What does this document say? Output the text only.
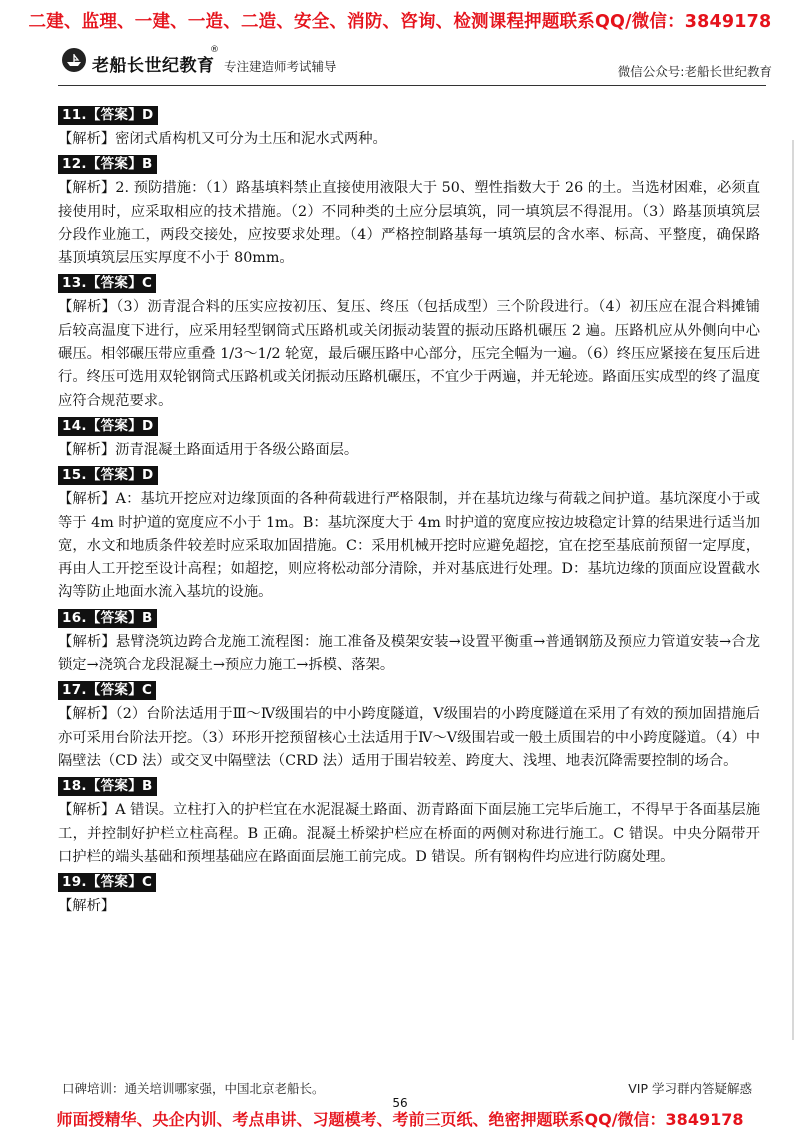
二建、监理、一建、一造、二造、安全、消防、咨询、检测课程押题联系QQ/微信：3849178
老船长世纪教育
®
专注建造师考试辅导	微信公众号:老船长世纪教育
11.【答案】D
【解析】密闭式盾构机又可分为土压和泥水式两种。
12.【答案】B
【解析】2. 预防措施：（1）路基填料禁止直接使用液限大于 50、塑性指数大于 26 的土。当选材困难，必须直接使用时，应采取相应的技术措施。（2）不同种类的土应分层填筑，同一填筑层不得混用。（3）路基顶填筑层分段作业施工，两段交接处，应按要求处理。（4）严格控制路基每一填筑层的含水率、标高、平整度，确保路基顶填筑层压实厚度不小于 80mm。
13.【答案】C
【解析】（3）沥青混合料的压实应按初压、复压、终压（包括成型）三个阶段进行。（4）初压应在混合料摊铺后较高温度下进行，应采用轻型钢筒式压路机或关闭振动装置的振动压路机碾压 2 遍。压路机应从外侧向中心碾压。相邻碾压带应重叠 1/3～1/2 轮宽，最后碾压路中心部分，压完全幅为一遍。（6）终压应紧接在复压后进行。终压可选用双轮钢筒式压路机或关闭振动压路机碾压，不宜少于两遍，并无轮迹。路面压实成型的终了温度应符合规范要求。
14.【答案】D
【解析】沥青混凝土路面适用于各级公路面层。
15.【答案】D
【解析】A：基坑开挖应对边缘顶面的各种荷载进行严格限制，并在基坑边缘与荷载之间护道。基坑深度小于或等于 4m 时护道的宽度应不小于 1m。B：基坑深度大于 4m 时护道的宽度应按边坡稳定计算的结果进行适当加宽，水文和地质条件较差时应采取加固措施。C：采用机械开挖时应避免超挖，宜在挖至基底前预留一定厚度，再由人工开挖至设计高程；如超挖，则应将松动部分清除，并对基底进行处理。D：基坑边缘的顶面应设置截水沟等防止地面水流入基坑的设施。
16.【答案】B
【解析】悬臂浇筑边跨合龙施工流程图：施工准备及模架安装→设置平衡重→普通钢筋及预应力管道安装→合龙锁定→浇筑合龙段混凝土→预应力施工→拆模、落架。
17.【答案】C
【解析】（2）台阶法适用于Ⅲ～Ⅳ级围岩的中小跨度隧道，Ⅴ级围岩的小跨度隧道在采用了有效的预加固措施后亦可采用台阶法开挖。（3）环形开挖预留核心土法适用于Ⅳ～Ⅴ级围岩或一般土质围岩的中小跨度隧道。（4）中隔壁法（CD 法）或交叉中隔壁法（CRD 法）适用于围岩较差、跨度大、浅埋、地表沉降需要控制的场合。
18.【答案】B
【解析】A 错误。立柱打入的护栏宜在水泥混凝土路面、沥青路面下面层施工完毕后施工，不得早于各面基层施工，并控制好护栏立柱高程。B 正确。混凝土桥梁护栏应在桥面的两侧对称进行施工。C 错误。中央分隔带开口护栏的端头基础和预埋基础应在路面面层施工前完成。D 错误。所有钢构件均应进行防腐处理。
19.【答案】C
【解析】
口碑培训：通关培训哪家强，中国北京老船长。	VIP 学习群内答疑解惑
56
师面授精华、央企内训、考点串讲、习题模考、考前三页纸、绝密押题联系QQ/微信：3849178
